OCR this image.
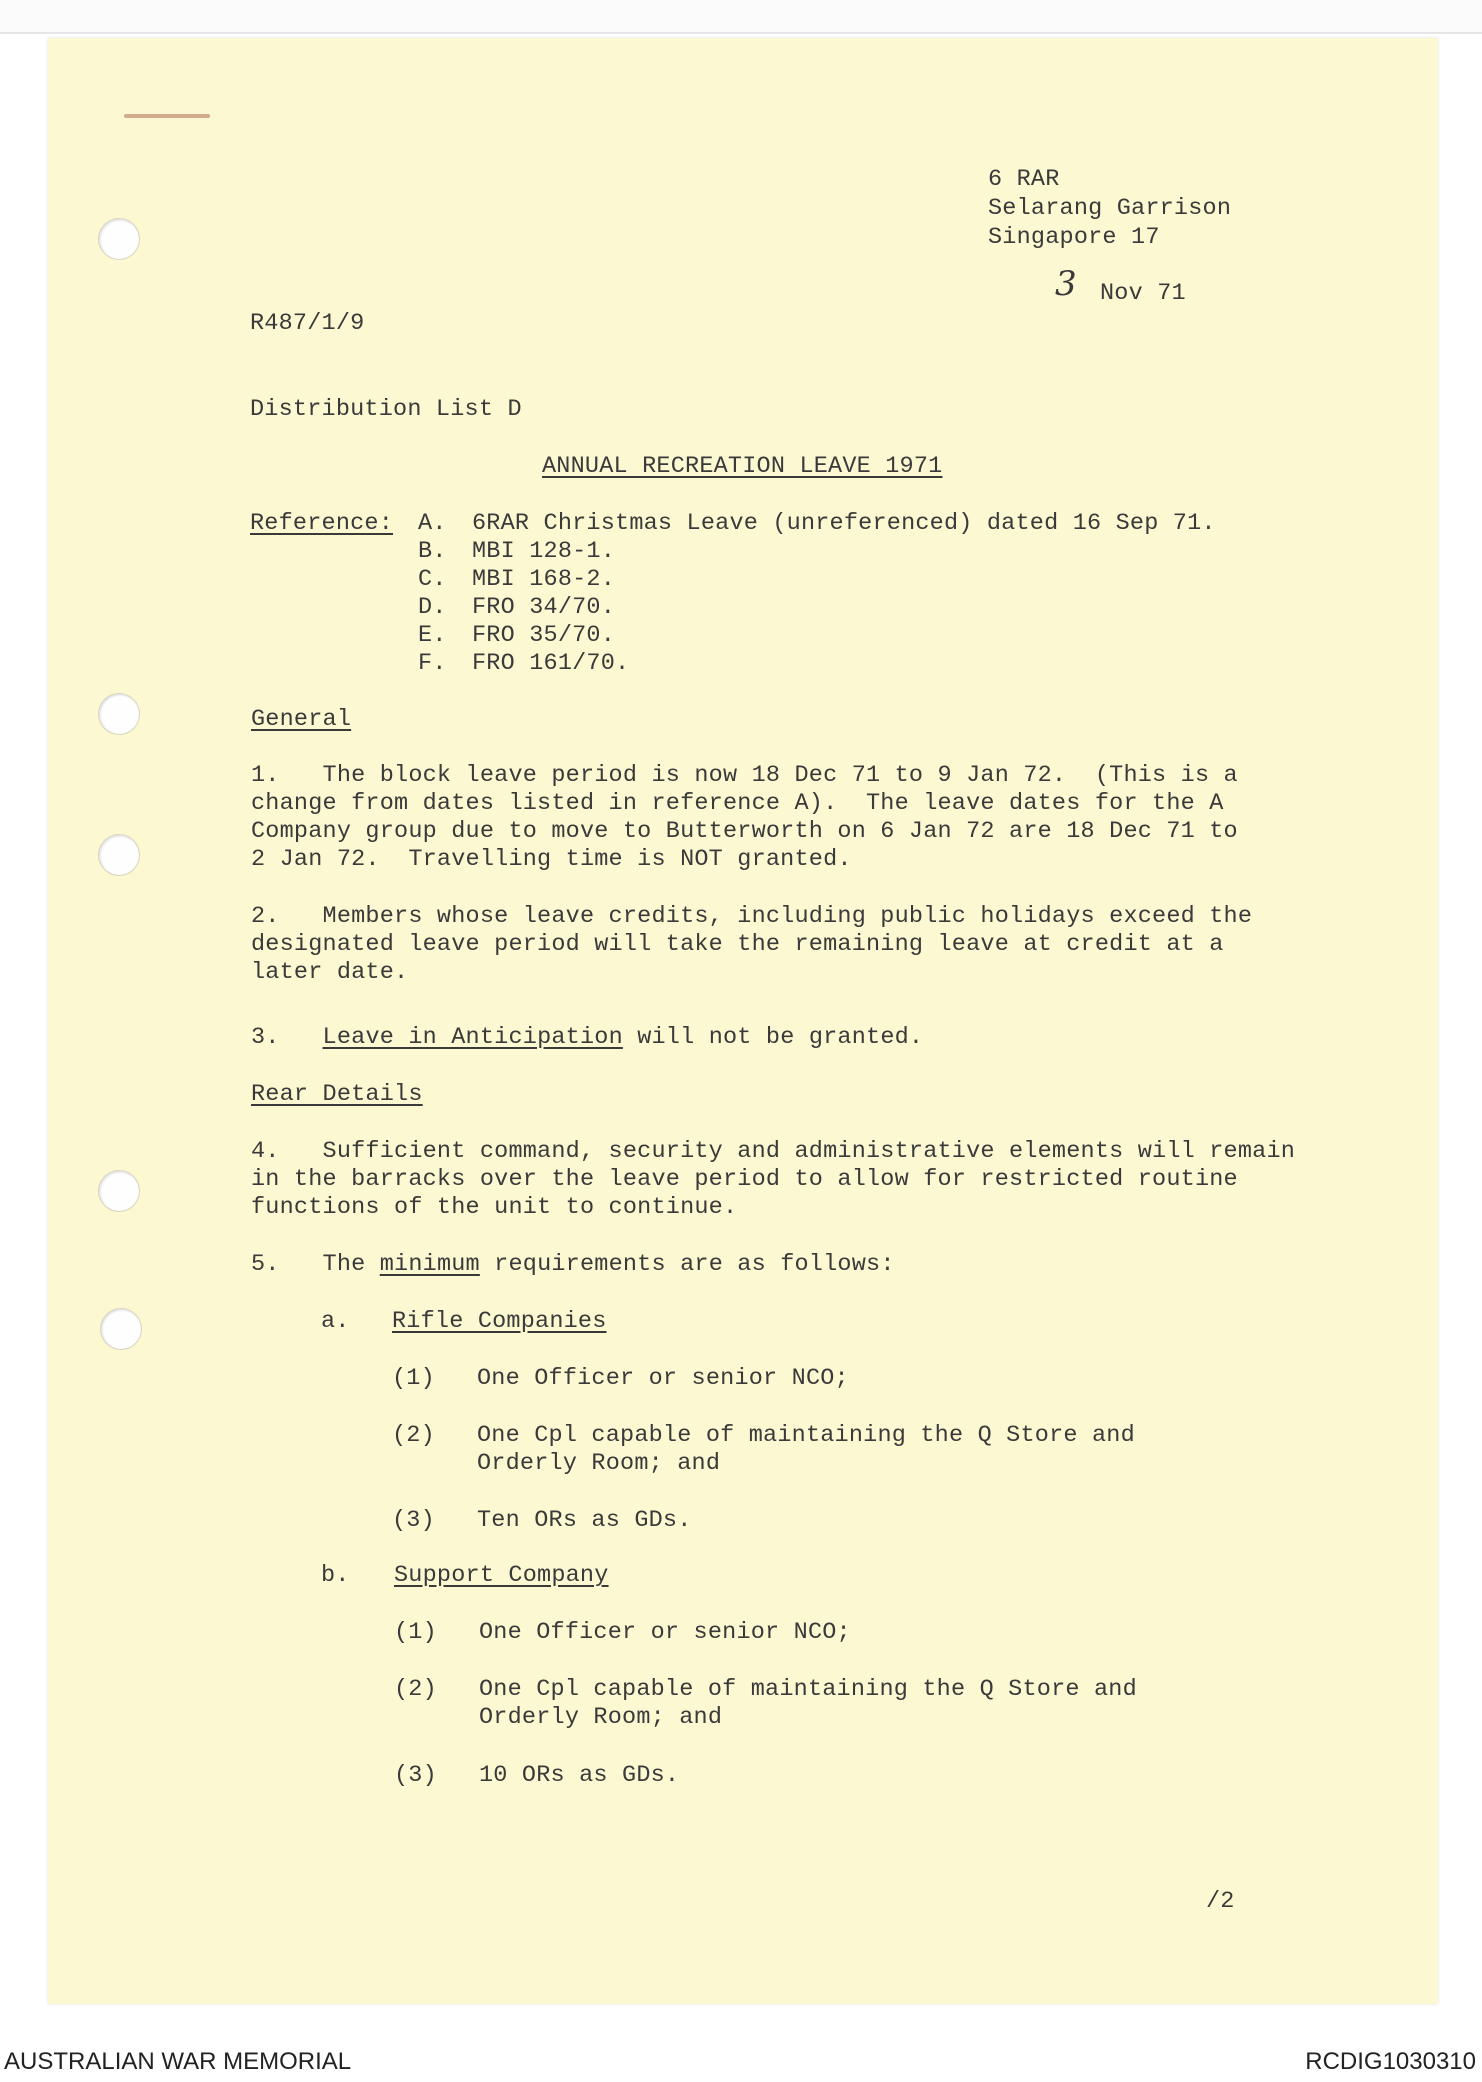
6 RAR
Selarang Garrison
Singapore 17
3 Nov 71
R487/1/9
Distribution List D
ANNUAL RECREATION LEAVE 1971
Reference: A. 6RAR Christmas Leave (unreferenced) dated 16 Sep 71.
B. MBI 128-1.
C. MBI 168-2.
D. FRO 34/70.
E. FRO 35/70.
F. FRO 161/70.
General
1.   The block leave period is now 18 Dec 71 to 9 Jan 72.  (This is a
change from dates listed in reference A).  The leave dates for the A
Company group due to move to Butterworth on 6 Jan 72 are 18 Dec 71 to
2 Jan 72.  Travelling time is NOT granted.
2.   Members whose leave credits, including public holidays exceed the
designated leave period will take the remaining leave at credit at a
later date.
3. Leave in Anticipation will not be granted.
Rear Details
4.   Sufficient command, security and administrative elements will remain
in the barracks over the leave period to allow for restricted routine
functions of the unit to continue.
5.   The minimum requirements are as follows:
a. Rifle Companies
(1) One Officer or senior NCO;
(2) One Cpl capable of maintaining the Q Store and
Orderly Room; and
(3) Ten ORs as GDs.
b. Support Company
(1) One Officer or senior NCO;
(2) One Cpl capable of maintaining the Q Store and
Orderly Room; and
(3) 10 ORs as GDs.
/2
AUSTRALIAN WAR MEMORIAL	RCDIG1030310
